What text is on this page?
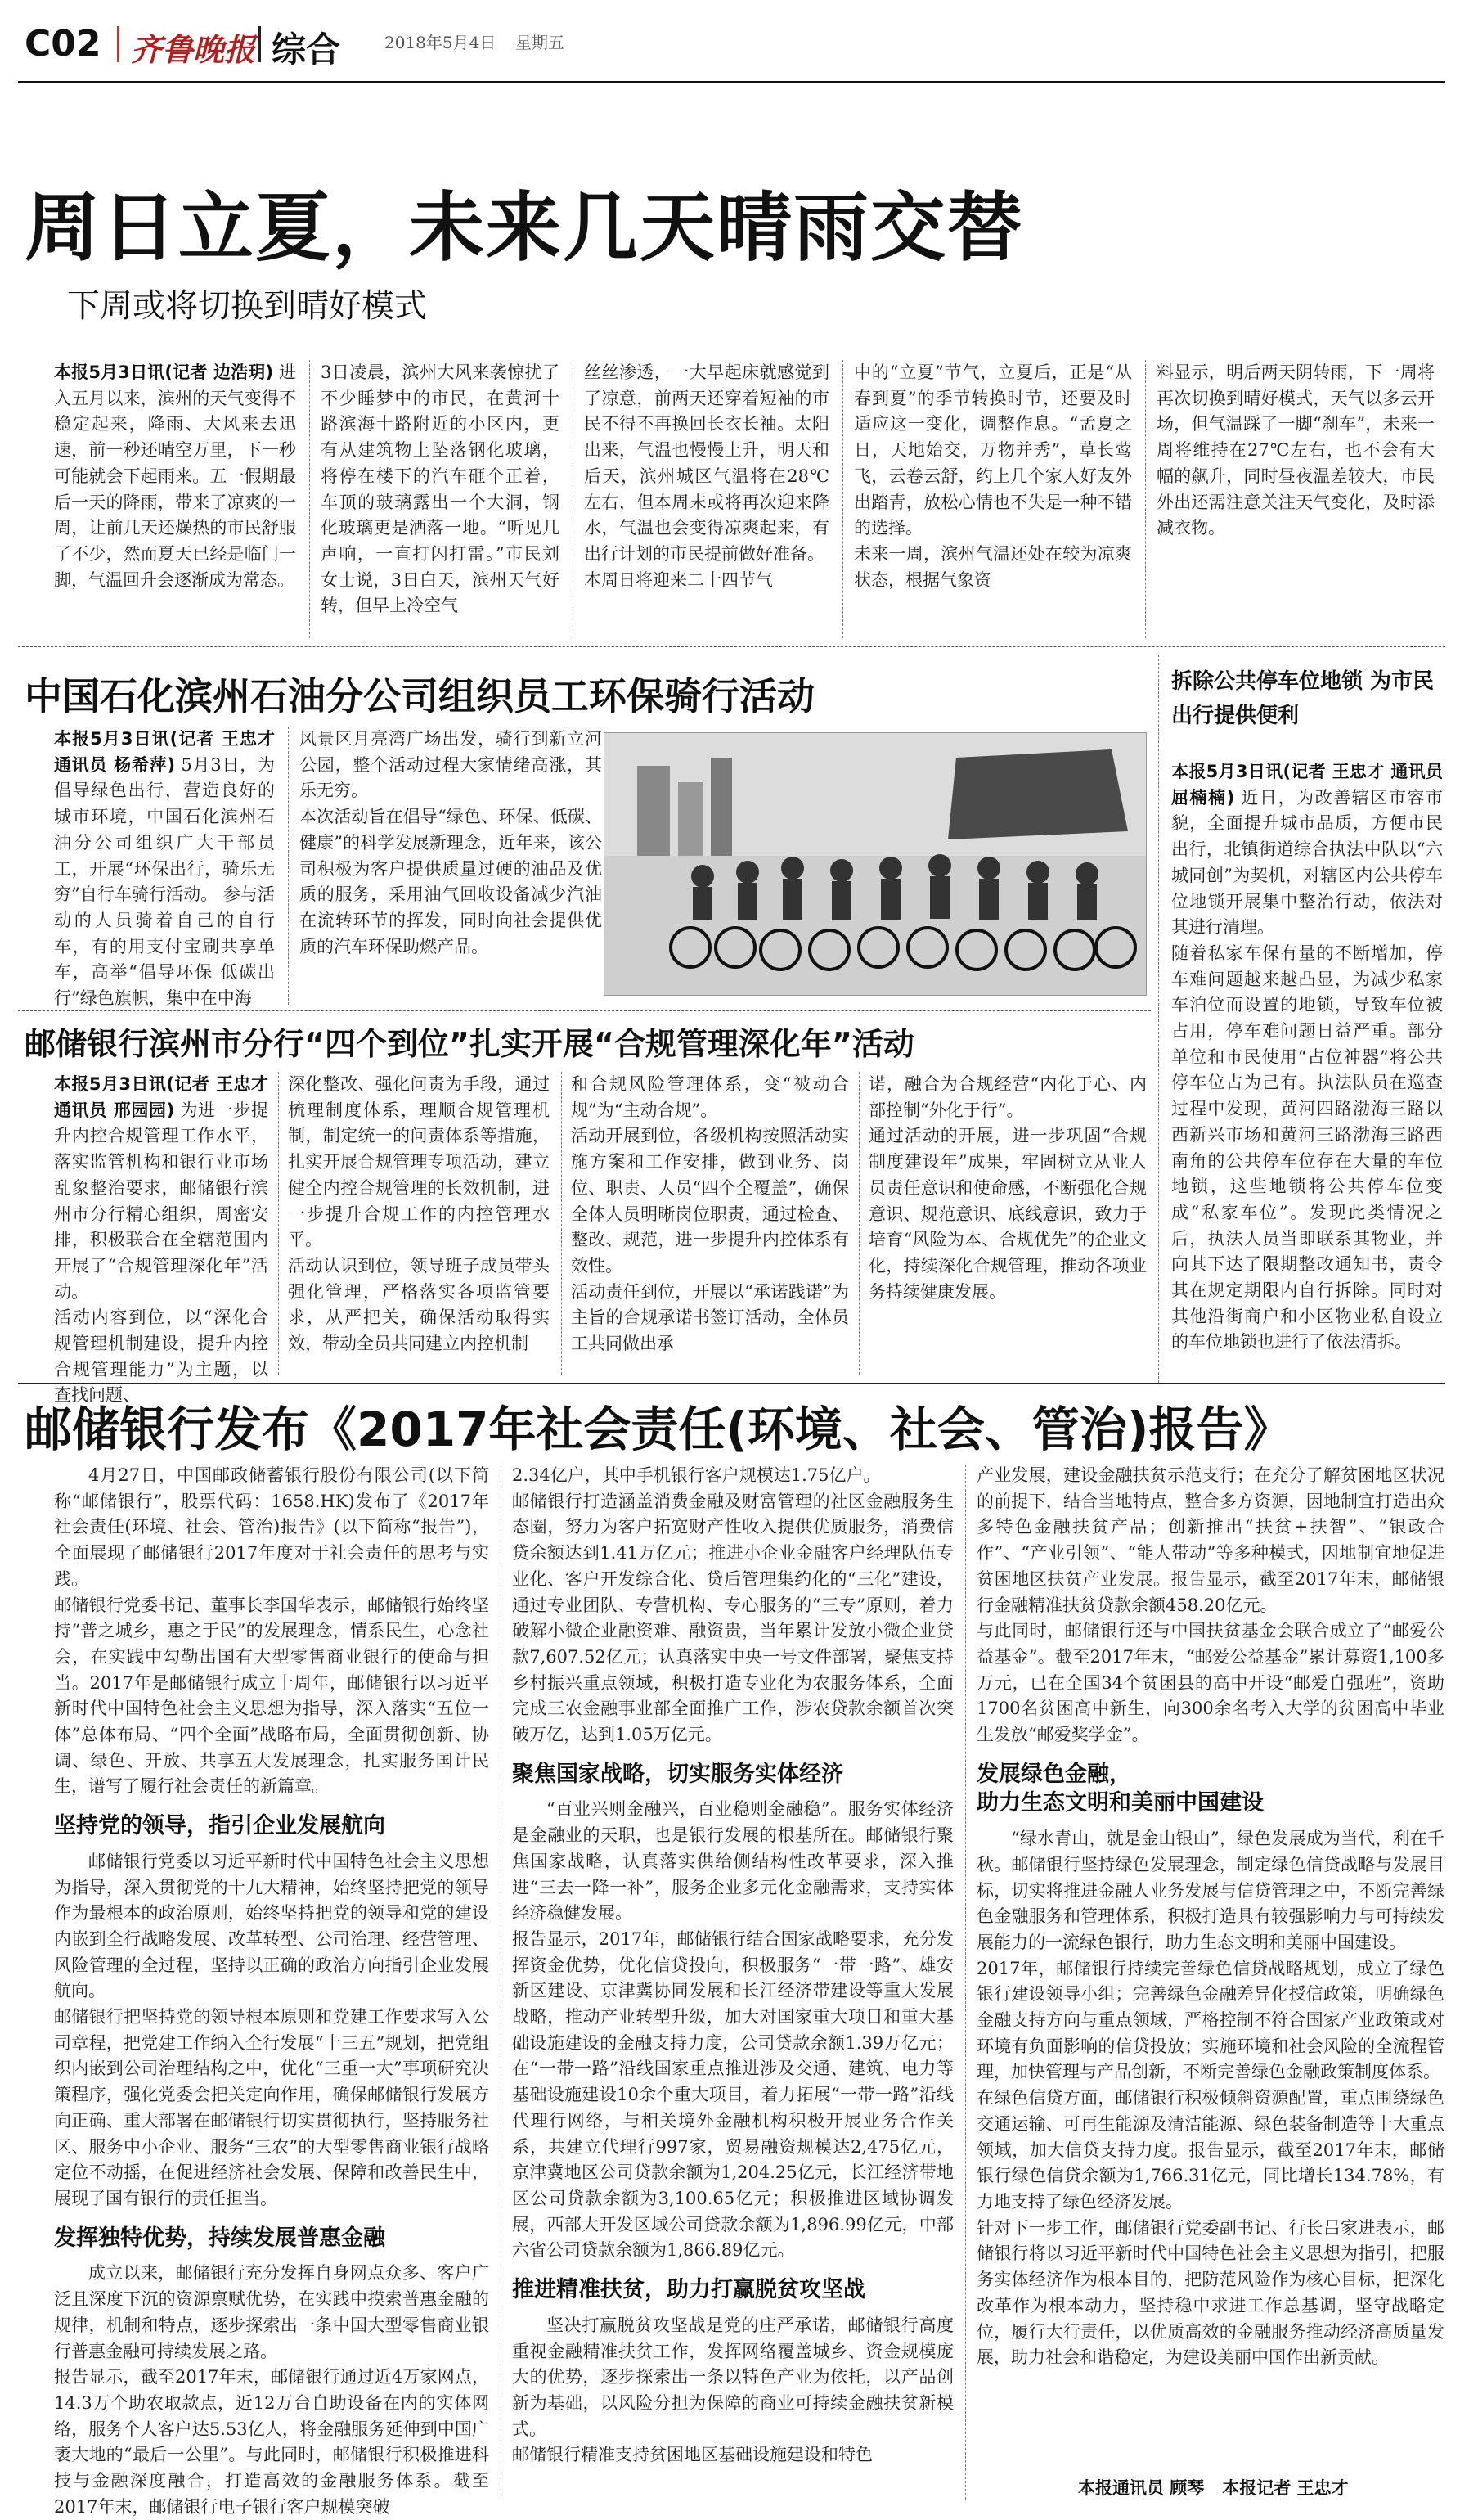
C02 齐鲁晚报 综合	2018年5月4日 星期五
周日立夏，未来几天晴雨交替
下周或将切换到晴好模式

本报5月3日讯(记者 边浩玥) 进入五月以来，滨州的天气变得不稳定起来，降雨、大风来去迅速，前一秒还晴空万里，下一秒可能就会下起雨来。五一假期最后一天的降雨，带来了凉爽的一周，让前几天还燥热的市民舒服了不少，然而夏天已经是临门一脚，气温回升会逐渐成为常态。

3日凌晨，滨州大风来袭惊扰了不少睡梦中的市民，在黄河十路滨海十路附近的小区内，更有从建筑物上坠落钢化玻璃，将停在楼下的汽车砸个正着，车顶的玻璃露出一个大洞，钢化玻璃更是洒落一地。“听见几声响，一直打闪打雷。”市民刘女士说，3日白天，滨州天气好转，但早上冷空气

丝丝渗透，一大早起床就感觉到了凉意，前两天还穿着短袖的市民不得不再换回长衣长袖。太阳出来，气温也慢慢上升，明天和后天，滨州城区气温将在28℃左右，但本周末或将再次迎来降水，气温也会变得凉爽起来，有出行计划的市民提前做好准备。
本周日将迎来二十四节气

中的“立夏”节气，立夏后，正是“从春到夏”的季节转换时节，还要及时适应这一变化，调整作息。“孟夏之日，天地始交，万物并秀”，草长莺飞，云卷云舒，约上几个家人好友外出踏青，放松心情也不失是一种不错的选择。
未来一周，滨州气温还处在较为凉爽状态，根据气象资

料显示，明后两天阴转雨，下一周将再次切换到晴好模式，天气以多云开场，但气温踩了一脚“刹车”，未来一周将维持在27℃左右，也不会有大幅的飙升，同时昼夜温差较大，市民外出还需注意关注天气变化，及时添减衣物。

中国石化滨州石油分公司组织员工环保骑行活动

本报5月3日讯(记者 王忠才 通讯员 杨希萍) 5月3日，为倡导绿色出行，营造良好的城市环境，中国石化滨州石油分公司组织广大干部员工，开展“环保出行，骑乐无穷”自行车骑行活动。 参与活动的人员骑着自己的自行车，有的用支付宝刷共享单车，高举“倡导环保 低碳出行”绿色旗帜，集中在中海

风景区月亮湾广场出发，骑行到新立河公园，整个活动过程大家情绪高涨，其乐无穷。
本次活动旨在倡导“绿色、环保、低碳、健康”的科学发展新理念，近年来，该公司积极为客户提供质量过硬的油品及优质的服务，采用油气回收设备减少汽油在流转环节的挥发，同时向社会提供优质的汽车环保助燃产品。

拆除公共停车位地锁 为市民出行提供便利

本报5月3日讯(记者 王忠才 通讯员 屈楠楠) 近日，为改善辖区市容市貌，全面提升城市品质，方便市民出行，北镇街道综合执法中队以“六城同创”为契机，对辖区内公共停车位地锁开展集中整治行动，依法对其进行清理。
随着私家车保有量的不断增加，停车难问题越来越凸显，为减少私家车泊位而设置的地锁，导致车位被占用，停车难问题日益严重。部分单位和市民使用“占位神器”将公共停车位占为己有。执法队员在巡查过程中发现，黄河四路渤海三路以西新兴市场和黄河三路渤海三路西南角的公共停车位存在大量的车位地锁，这些地锁将公共停车位变成“私家车位”。发现此类情况之后，执法人员当即联系其物业，并向其下达了限期整改通知书，责令其在规定期限内自行拆除。同时对其他沿街商户和小区物业私自设立的车位地锁也进行了依法清拆。

邮储银行滨州市分行“四个到位”扎实开展“合规管理深化年”活动

本报5月3日讯(记者 王忠才 通讯员 邢园园) 为进一步提升内控合规管理工作水平，落实监管机构和银行业市场乱象整治要求，邮储银行滨州市分行精心组织，周密安排，积极联合在全辖范围内开展了“合规管理深化年”活动。
活动内容到位，以“深化合规管理机制建设，提升内控合规管理能力”为主题，以查找问题、

深化整改、强化问责为手段，通过梳理制度体系，理顺合规管理机制，制定统一的问责体系等措施，扎实开展合规管理专项活动，建立健全内控合规管理的长效机制，进一步提升合规工作的内控管理水平。
活动认识到位，领导班子成员带头强化管理，严格落实各项监管要求，从严把关，确保活动取得实效，带动全员共同建立内控机制

和合规风险管理体系，变“被动合规”为“主动合规”。
活动开展到位，各级机构按照活动实施方案和工作安排，做到业务、岗位、职责、人员“四个全覆盖”，确保全体人员明晰岗位职责，通过检查、整改、规范，进一步提升内控体系有效性。
活动责任到位，开展以“承诺践诺”为主旨的合规承诺书签订活动，全体员工共同做出承

诺，融合为合规经营“内化于心、内部控制“外化于行”。
通过活动的开展，进一步巩固“合规制度建设年”成果，牢固树立从业人员责任意识和使命感，不断强化合规意识、规范意识、底线意识，致力于培育“风险为本、合规优先”的企业文化，持续深化合规管理，推动各项业务持续健康发展。

邮储银行发布《2017年社会责任(环境、社会、管治)报告》

4月27日，中国邮政储蓄银行股份有限公司(以下简称“邮储银行”，股票代码：1658.HK)发布了《2017年社会责任(环境、社会、管治)报告》(以下简称“报告”)，全面展现了邮储银行2017年度对于社会责任的思考与实践。
邮储银行党委书记、董事长李国华表示，邮储银行始终坚持“普之城乡，惠之于民”的发展理念，情系民生，心念社会，在实践中勾勒出国有大型零售商业银行的使命与担当。2017年是邮储银行成立十周年，邮储银行以习近平新时代中国特色社会主义思想为指导，深入落实“五位一体”总体布局、“四个全面”战略布局，全面贯彻创新、协调、绿色、开放、共享五大发展理念，扎实服务国计民生，谱写了履行社会责任的新篇章。

坚持党的领导，指引企业发展航向

邮储银行党委以习近平新时代中国特色社会主义思想为指导，深入贯彻党的十九大精神，始终坚持把党的领导作为最根本的政治原则，始终坚持把党的领导和党的建设内嵌到全行战略发展、改革转型、公司治理、经营管理、风险管理的全过程，坚持以正确的政治方向指引企业发展航向。
邮储银行把坚持党的领导根本原则和党建工作要求写入公司章程，把党建工作纳入全行发展“十三五”规划，把党组织内嵌到公司治理结构之中，优化“三重一大”事项研究决策程序，强化党委会把关定向作用，确保邮储银行发展方向正确、重大部署在邮储银行切实贯彻执行，坚持服务社区、服务中小企业、服务“三农”的大型零售商业银行战略定位不动摇，在促进经济社会发展、保障和改善民生中，展现了国有银行的责任担当。

发挥独特优势，持续发展普惠金融

成立以来，邮储银行充分发挥自身网点众多、客户广泛且深度下沉的资源禀赋优势，在实践中摸索普惠金融的规律，机制和特点，逐步探索出一条中国大型零售商业银行普惠金融可持续发展之路。
报告显示，截至2017年末，邮储银行通过近4万家网点，14.3万个助农取款点，近12万台自助设备在内的实体网络，服务个人客户达5.53亿人，将金融服务延伸到中国广袤大地的“最后一公里”。与此同时，邮储银行积极推进科技与金融深度融合，打造高效的金融服务体系。截至2017年末，邮储银行电子银行客户规模突破

2.34亿户，其中手机银行客户规模达1.75亿户。
邮储银行打造涵盖消费金融及财富管理的社区金融服务生态圈，努力为客户拓宽财产性收入提供优质服务，消费信贷余额达到1.41万亿元；推进小企业金融客户经理队伍专业化、客户开发综合化、贷后管理集约化的“三化”建设，通过专业团队、专营机构、专心服务的“三专”原则，着力破解小微企业融资难、融资贵，当年累计发放小微企业贷款7,607.52亿元；认真落实中央一号文件部署，聚焦支持乡村振兴重点领域，积极打造专业化为农服务体系，全面完成三农金融事业部全面推广工作，涉农贷款余额首次突破万亿，达到1.05万亿元。

聚焦国家战略，切实服务实体经济

“百业兴则金融兴，百业稳则金融稳”。服务实体经济是金融业的天职，也是银行发展的根基所在。邮储银行聚焦国家战略，认真落实供给侧结构性改革要求，深入推进“三去一降一补”，服务企业多元化金融需求，支持实体经济稳健发展。
报告显示，2017年，邮储银行结合国家战略要求，充分发挥资金优势，优化信贷投向，积极服务“一带一路”、雄安新区建设、京津冀协同发展和长江经济带建设等重大发展战略，推动产业转型升级，加大对国家重大项目和重大基础设施建设的金融支持力度，公司贷款余额1.39万亿元；在“一带一路”沿线国家重点推进涉及交通、建筑、电力等基础设施建设10余个重大项目，着力拓展“一带一路”沿线代理行网络，与相关境外金融机构积极开展业务合作关系，共建立代理行997家，贸易融资规模达2,475亿元，京津冀地区公司贷款余额为1,204.25亿元，长江经济带地区公司贷款余额为3,100.65亿元；积极推进区域协调发展，西部大开发区域公司贷款余额为1,896.99亿元，中部六省公司贷款余额为1,866.89亿元。

推进精准扶贫，助力打赢脱贫攻坚战

坚决打赢脱贫攻坚战是党的庄严承诺，邮储银行高度重视金融精准扶贫工作，发挥网络覆盖城乡、资金规模庞大的优势，逐步探索出一条以特色产业为依托，以产品创新为基础，以风险分担为保障的商业可持续金融扶贫新模式。
邮储银行精准支持贫困地区基础设施建设和特色

产业发展，建设金融扶贫示范支行；在充分了解贫困地区状况的前提下，结合当地特点，整合多方资源，因地制宜打造出众多特色金融扶贫产品；创新推出“扶贫+扶智”、“银政合作”、“产业引领”、“能人带动”等多种模式，因地制宜地促进贫困地区扶贫产业发展。报告显示，截至2017年末，邮储银行金融精准扶贫贷款余额458.20亿元。
与此同时，邮储银行还与中国扶贫基金会联合成立了“邮爱公益基金”。截至2017年末，“邮爱公益基金”累计募资1,100多万元，已在全国34个贫困县的高中开设“邮爱自强班”，资助1700名贫困高中新生，向300余名考入大学的贫困高中毕业生发放“邮爱奖学金”。

发展绿色金融，
助力生态文明和美丽中国建设

“绿水青山，就是金山银山”，绿色发展成为当代，利在千秋。邮储银行坚持绿色发展理念，制定绿色信贷战略与发展目标，切实将推进金融人业务发展与信贷管理之中，不断完善绿色金融服务和管理体系，积极打造具有较强影响力与可持续发展能力的一流绿色银行，助力生态文明和美丽中国建设。
2017年，邮储银行持续完善绿色信贷战略规划，成立了绿色银行建设领导小组；完善绿色金融差异化授信政策，明确绿色金融支持方向与重点领域，严格控制不符合国家产业政策或对环境有负面影响的信贷投放；实施环境和社会风险的全流程管理，加快管理与产品创新，不断完善绿色金融政策制度体系。
在绿色信贷方面，邮储银行积极倾斜资源配置，重点围绕绿色交通运输、可再生能源及清洁能源、绿色装备制造等十大重点领域，加大信贷支持力度。报告显示，截至2017年末，邮储银行绿色信贷余额为1,766.31亿元，同比增长134.78%，有力地支持了绿色经济发展。
针对下一步工作，邮储银行党委副书记、行长吕家进表示，邮储银行将以习近平新时代中国特色社会主义思想为指引，把服务实体经济作为根本目的，把防范风险作为核心目标，把深化改革作为根本动力，坚持稳中求进工作总基调，坚守战略定位，履行大行责任，以优质高效的金融服务推动经济高质量发展，助力社会和谐稳定，为建设美丽中国作出新贡献。

本报通讯员 顾琴   本报记者 王忠才
